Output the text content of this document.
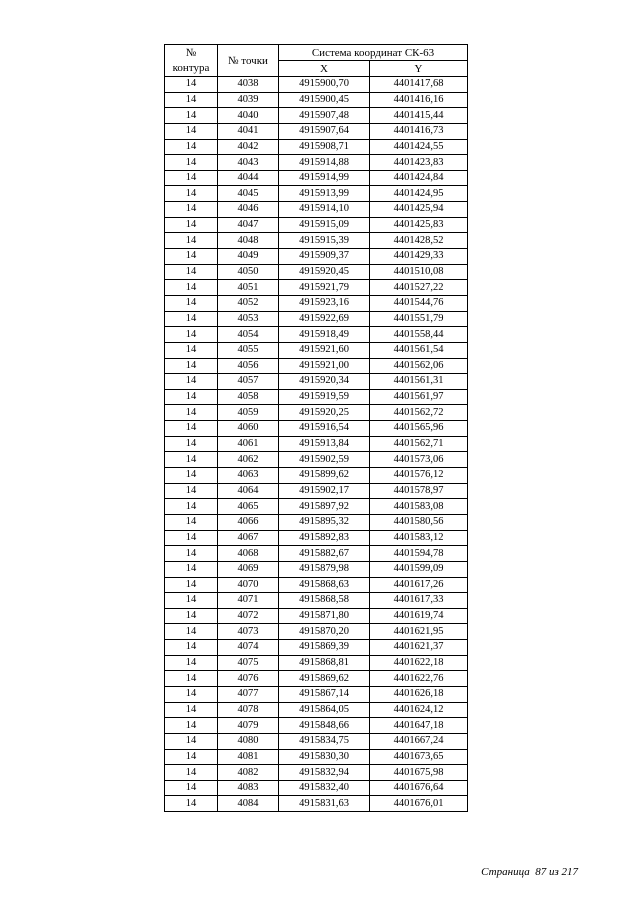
№
контура	№ точки	Система координат СК-63	
		X	Y
14	4038	4915900,70	4401417,68
14	4039	4915900,45	4401416,16
14	4040	4915907,48	4401415,44
14	4041	4915907,64	4401416,73
14	4042	4915908,71	4401424,55
14	4043	4915914,88	4401423,83
14	4044	4915914,99	4401424,84
14	4045	4915913,99	4401424,95
14	4046	4915914,10	4401425,94
14	4047	4915915,09	4401425,83
14	4048	4915915,39	4401428,52
14	4049	4915909,37	4401429,33
14	4050	4915920,45	4401510,08
14	4051	4915921,79	4401527,22
14	4052	4915923,16	4401544,76
14	4053	4915922,69	4401551,79
14	4054	4915918,49	4401558,44
14	4055	4915921,60	4401561,54
14	4056	4915921,00	4401562,06
14	4057	4915920,34	4401561,31
14	4058	4915919,59	4401561,97
14	4059	4915920,25	4401562,72
14	4060	4915916,54	4401565,96
14	4061	4915913,84	4401562,71
14	4062	4915902,59	4401573,06
14	4063	4915899,62	4401576,12
14	4064	4915902,17	4401578,97
14	4065	4915897,92	4401583,08
14	4066	4915895,32	4401580,56
14	4067	4915892,83	4401583,12
14	4068	4915882,67	4401594,78
14	4069	4915879,98	4401599,09
14	4070	4915868,63	4401617,26
14	4071	4915868,58	4401617,33
14	4072	4915871,80	4401619,74
14	4073	4915870,20	4401621,95
14	4074	4915869,39	4401621,37
14	4075	4915868,81	4401622,18
14	4076	4915869,62	4401622,76
14	4077	4915867,14	4401626,18
14	4078	4915864,05	4401624,12
14	4079	4915848,66	4401647,18
14	4080	4915834,75	4401667,24
14	4081	4915830,30	4401673,65
14	4082	4915832,94	4401675,98
14	4083	4915832,40	4401676,64
14	4084	4915831,63	4401676,01
Страница 87 из 217
